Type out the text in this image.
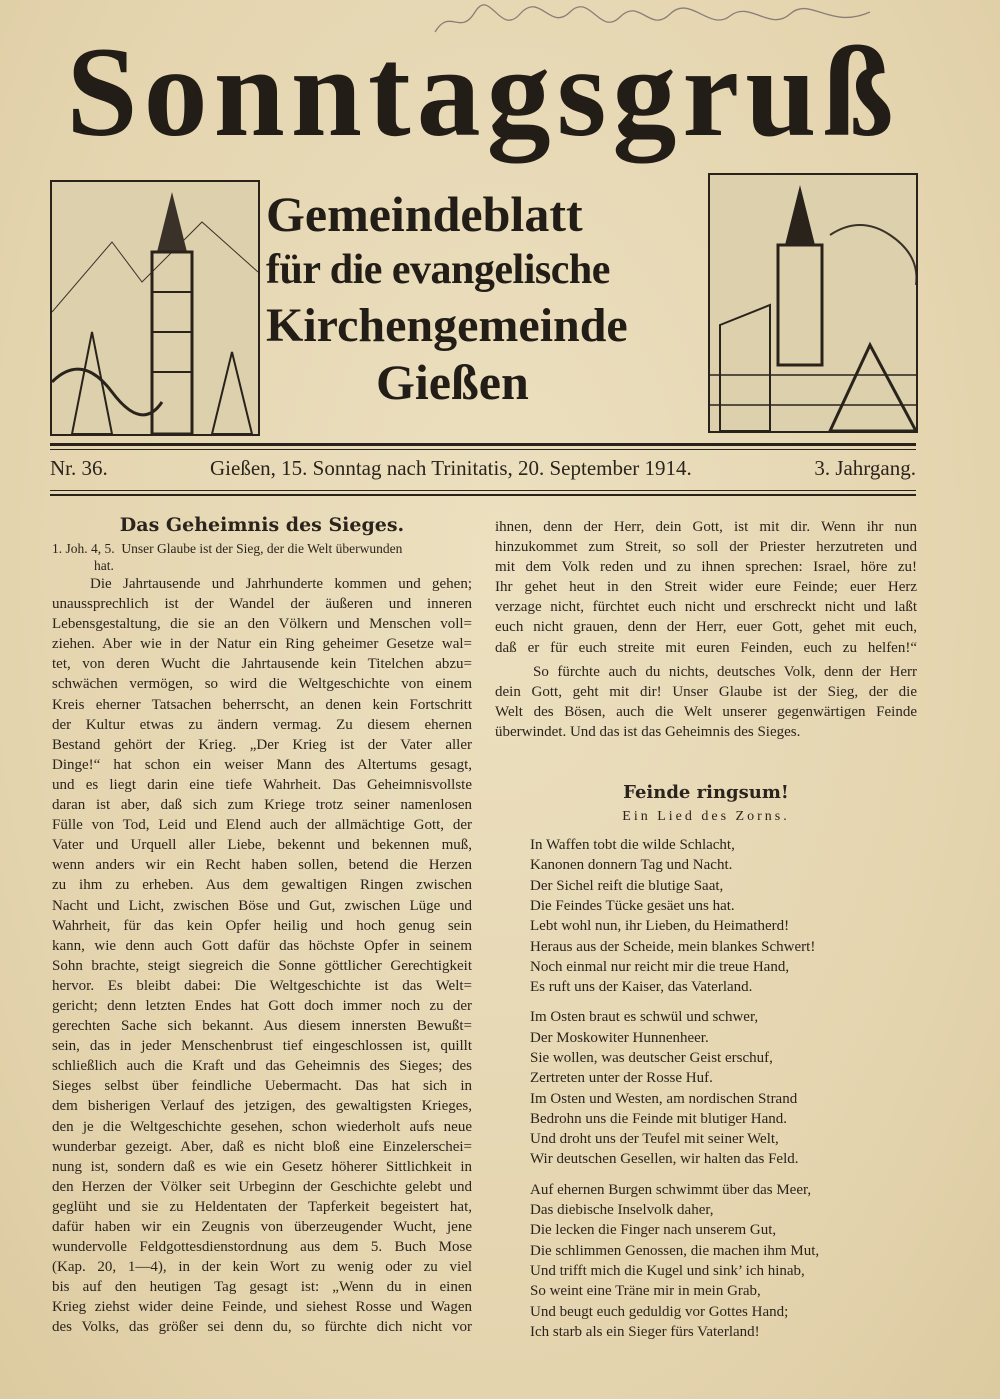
Sonntagsgruß
Gemeindeblatt
für die evangelische
Kirchengemeinde
Gießen
Nr. 36.	Gießen, 15. Sonntag nach Trinitatis, 20. September 1914.	3. Jahrgang.
Das Geheimnis des Sieges.
1. Joh. 4, 5. Unser Glaube ist der Sieg, der die Welt überwunden
hat.
Die Jahrtausende und Jahrhunderte kommen und gehen;
unaussprechlich ist der Wandel der äußeren und inneren
Lebensgestaltung, die sie an den Völkern und Menschen voll=
ziehen. Aber wie in der Natur ein Ring geheimer Gesetze wal=
tet, von deren Wucht die Jahrtausende kein Titelchen abzu=
schwächen vermögen, so wird die Weltgeschichte von einem
Kreis eherner Tatsachen beherrscht, an denen kein Fortschritt
der Kultur etwas zu ändern vermag. Zu diesem ehernen
Bestand gehört der Krieg. „Der Krieg ist der Vater aller
Dinge!“ hat schon ein weiser Mann des Altertums gesagt,
und es liegt darin eine tiefe Wahrheit. Das Geheimnisvollste
daran ist aber, daß sich zum Kriege trotz seiner namenlosen
Fülle von Tod, Leid und Elend auch der allmächtige Gott, der
Vater und Urquell aller Liebe, bekennt und bekennen muß,
wenn anders wir ein Recht haben sollen, betend die Herzen
zu ihm zu erheben. Aus dem gewaltigen Ringen zwischen
Nacht und Licht, zwischen Böse und Gut, zwischen Lüge und
Wahrheit, für das kein Opfer heilig und hoch genug sein
kann, wie denn auch Gott dafür das höchste Opfer in seinem
Sohn brachte, steigt siegreich die Sonne göttlicher Gerechtigkeit
hervor. Es bleibt dabei: Die Weltgeschichte ist das Welt=
gericht; denn letzten Endes hat Gott doch immer noch zu der
gerechten Sache sich bekannt. Aus diesem innersten Bewußt=
sein, das in jeder Menschenbrust tief eingeschlossen ist, quillt
schließlich auch die Kraft und das Geheimnis des Sieges; des
Sieges selbst über feindliche Uebermacht. Das hat sich in
dem bisherigen Verlauf des jetzigen, des gewaltigsten Krieges,
den je die Weltgeschichte gesehen, schon wiederholt aufs neue
wunderbar gezeigt. Aber, daß es nicht bloß eine Einzelerschei=
nung ist, sondern daß es wie ein Gesetz höherer Sittlichkeit in
den Herzen der Völker seit Urbeginn der Geschichte gelebt und
geglüht und sie zu Heldentaten der Tapferkeit begeistert hat,
dafür haben wir ein Zeugnis von überzeugender Wucht, jene
wundervolle Feldgottesdienstordnung aus dem 5. Buch Mose
(Kap. 20, 1—4), in der kein Wort zu wenig oder zu viel
bis auf den heutigen Tag gesagt ist: „Wenn du in einen
Krieg ziehst wider deine Feinde, und siehest Rosse und Wagen
des Volks, das größer sei denn du, so fürchte dich nicht vor
ihnen, denn der Herr, dein Gott, ist mit dir. Wenn ihr nun
hinzukommet zum Streit, so soll der Priester herzutreten und
mit dem Volk reden und zu ihnen sprechen: Israel, höre zu!
Ihr gehet heut in den Streit wider eure Feinde; euer Herz
verzage nicht, fürchtet euch nicht und erschreckt nicht und laßt
euch nicht grauen, denn der Herr, euer Gott, gehet mit euch,
daß er für euch streite mit euren Feinden, euch zu helfen!“
So fürchte auch du nichts, deutsches Volk, denn der Herr
dein Gott, geht mit dir! Unser Glaube ist der Sieg, der die
Welt des Bösen, auch die Welt unserer gegenwärtigen Feinde
überwindet. Und das ist das Geheimnis des Sieges.
Feinde ringsum!
Ein Lied des Zorns.
In Waffen tobt die wilde Schlacht,
Kanonen donnern Tag und Nacht.
Der Sichel reift die blutige Saat,
Die Feindes Tücke gesäet uns hat.
Lebt wohl nun, ihr Lieben, du Heimatherd!
Heraus aus der Scheide, mein blankes Schwert!
Noch einmal nur reicht mir die treue Hand,
Es ruft uns der Kaiser, das Vaterland.
Im Osten braut es schwül und schwer,
Der Moskowiter Hunnenheer.
Sie wollen, was deutscher Geist erschuf,
Zertreten unter der Rosse Huf.
Im Osten und Westen, am nordischen Strand
Bedrohn uns die Feinde mit blutiger Hand.
Und droht uns der Teufel mit seiner Welt,
Wir deutschen Gesellen, wir halten das Feld.
Auf ehernen Burgen schwimmt über das Meer,
Das diebische Inselvolk daher,
Die lecken die Finger nach unserem Gut,
Die schlimmen Genossen, die machen ihm Mut,
Und trifft mich die Kugel und sink’ ich hinab,
So weint eine Träne mir in mein Grab,
Und beugt euch geduldig vor Gottes Hand;
Ich starb als ein Sieger fürs Vaterland!
